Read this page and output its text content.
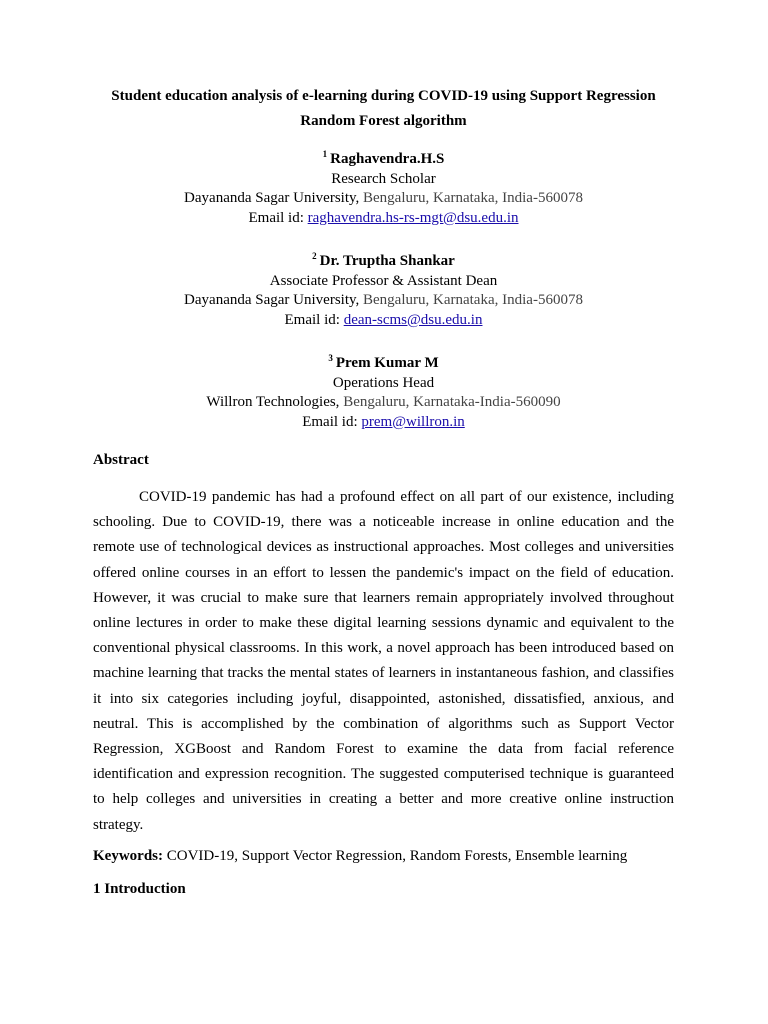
Student education analysis of e-learning during COVID-19 using Support Regression

Random Forest algorithm

$^1$ Raghavendra.H.S
Research Scholar
Dayananda Sagar University, Bengaluru, Karnataka, India-560078
Email id: raghavendra.hs-rs-mgt@dsu.edu.in
$^2$ Dr. Truptha Shankar
Associate Professor & Assistant Dean
Dayananda Sagar University, Bengaluru, Karnataka, India-560078
Email id: dean-scms@dsu.edu.in
$^3$ Prem Kumar M
Operations Head
Willron Technologies, Bengaluru, Karnataka-India-560090
Email id: prem@willron.in
Abstract

COVID-19 pandemic has had a profound effect on all part of our existence, including schooling. Due to COVID-19, there was a noticeable increase in online education and the remote use of technological devices as instructional approaches. Most colleges and universities offered online courses in an effort to lessen the pandemic's impact on the field of education. However, it was crucial to make sure that learners remain appropriately involved throughout online lectures in order to make these digital learning sessions dynamic and equivalent to the conventional physical classrooms. In this work, a novel approach has been introduced based on machine learning that tracks the mental states of learners in instantaneous fashion, and classifies it into six categories including joyful, disappointed, astonished, dissatisfied, anxious, and neutral. This is accomplished by the combination of algorithms such as Support Vector Regression, XGBoost and Random Forest to examine the data from facial reference identification and expression recognition. The suggested computerised technique is guaranteed to help colleges and universities in creating a better and more creative online instruction strategy.

Keywords: COVID-19, Support Vector Regression, Random Forests, Ensemble learning
1 Introduction
